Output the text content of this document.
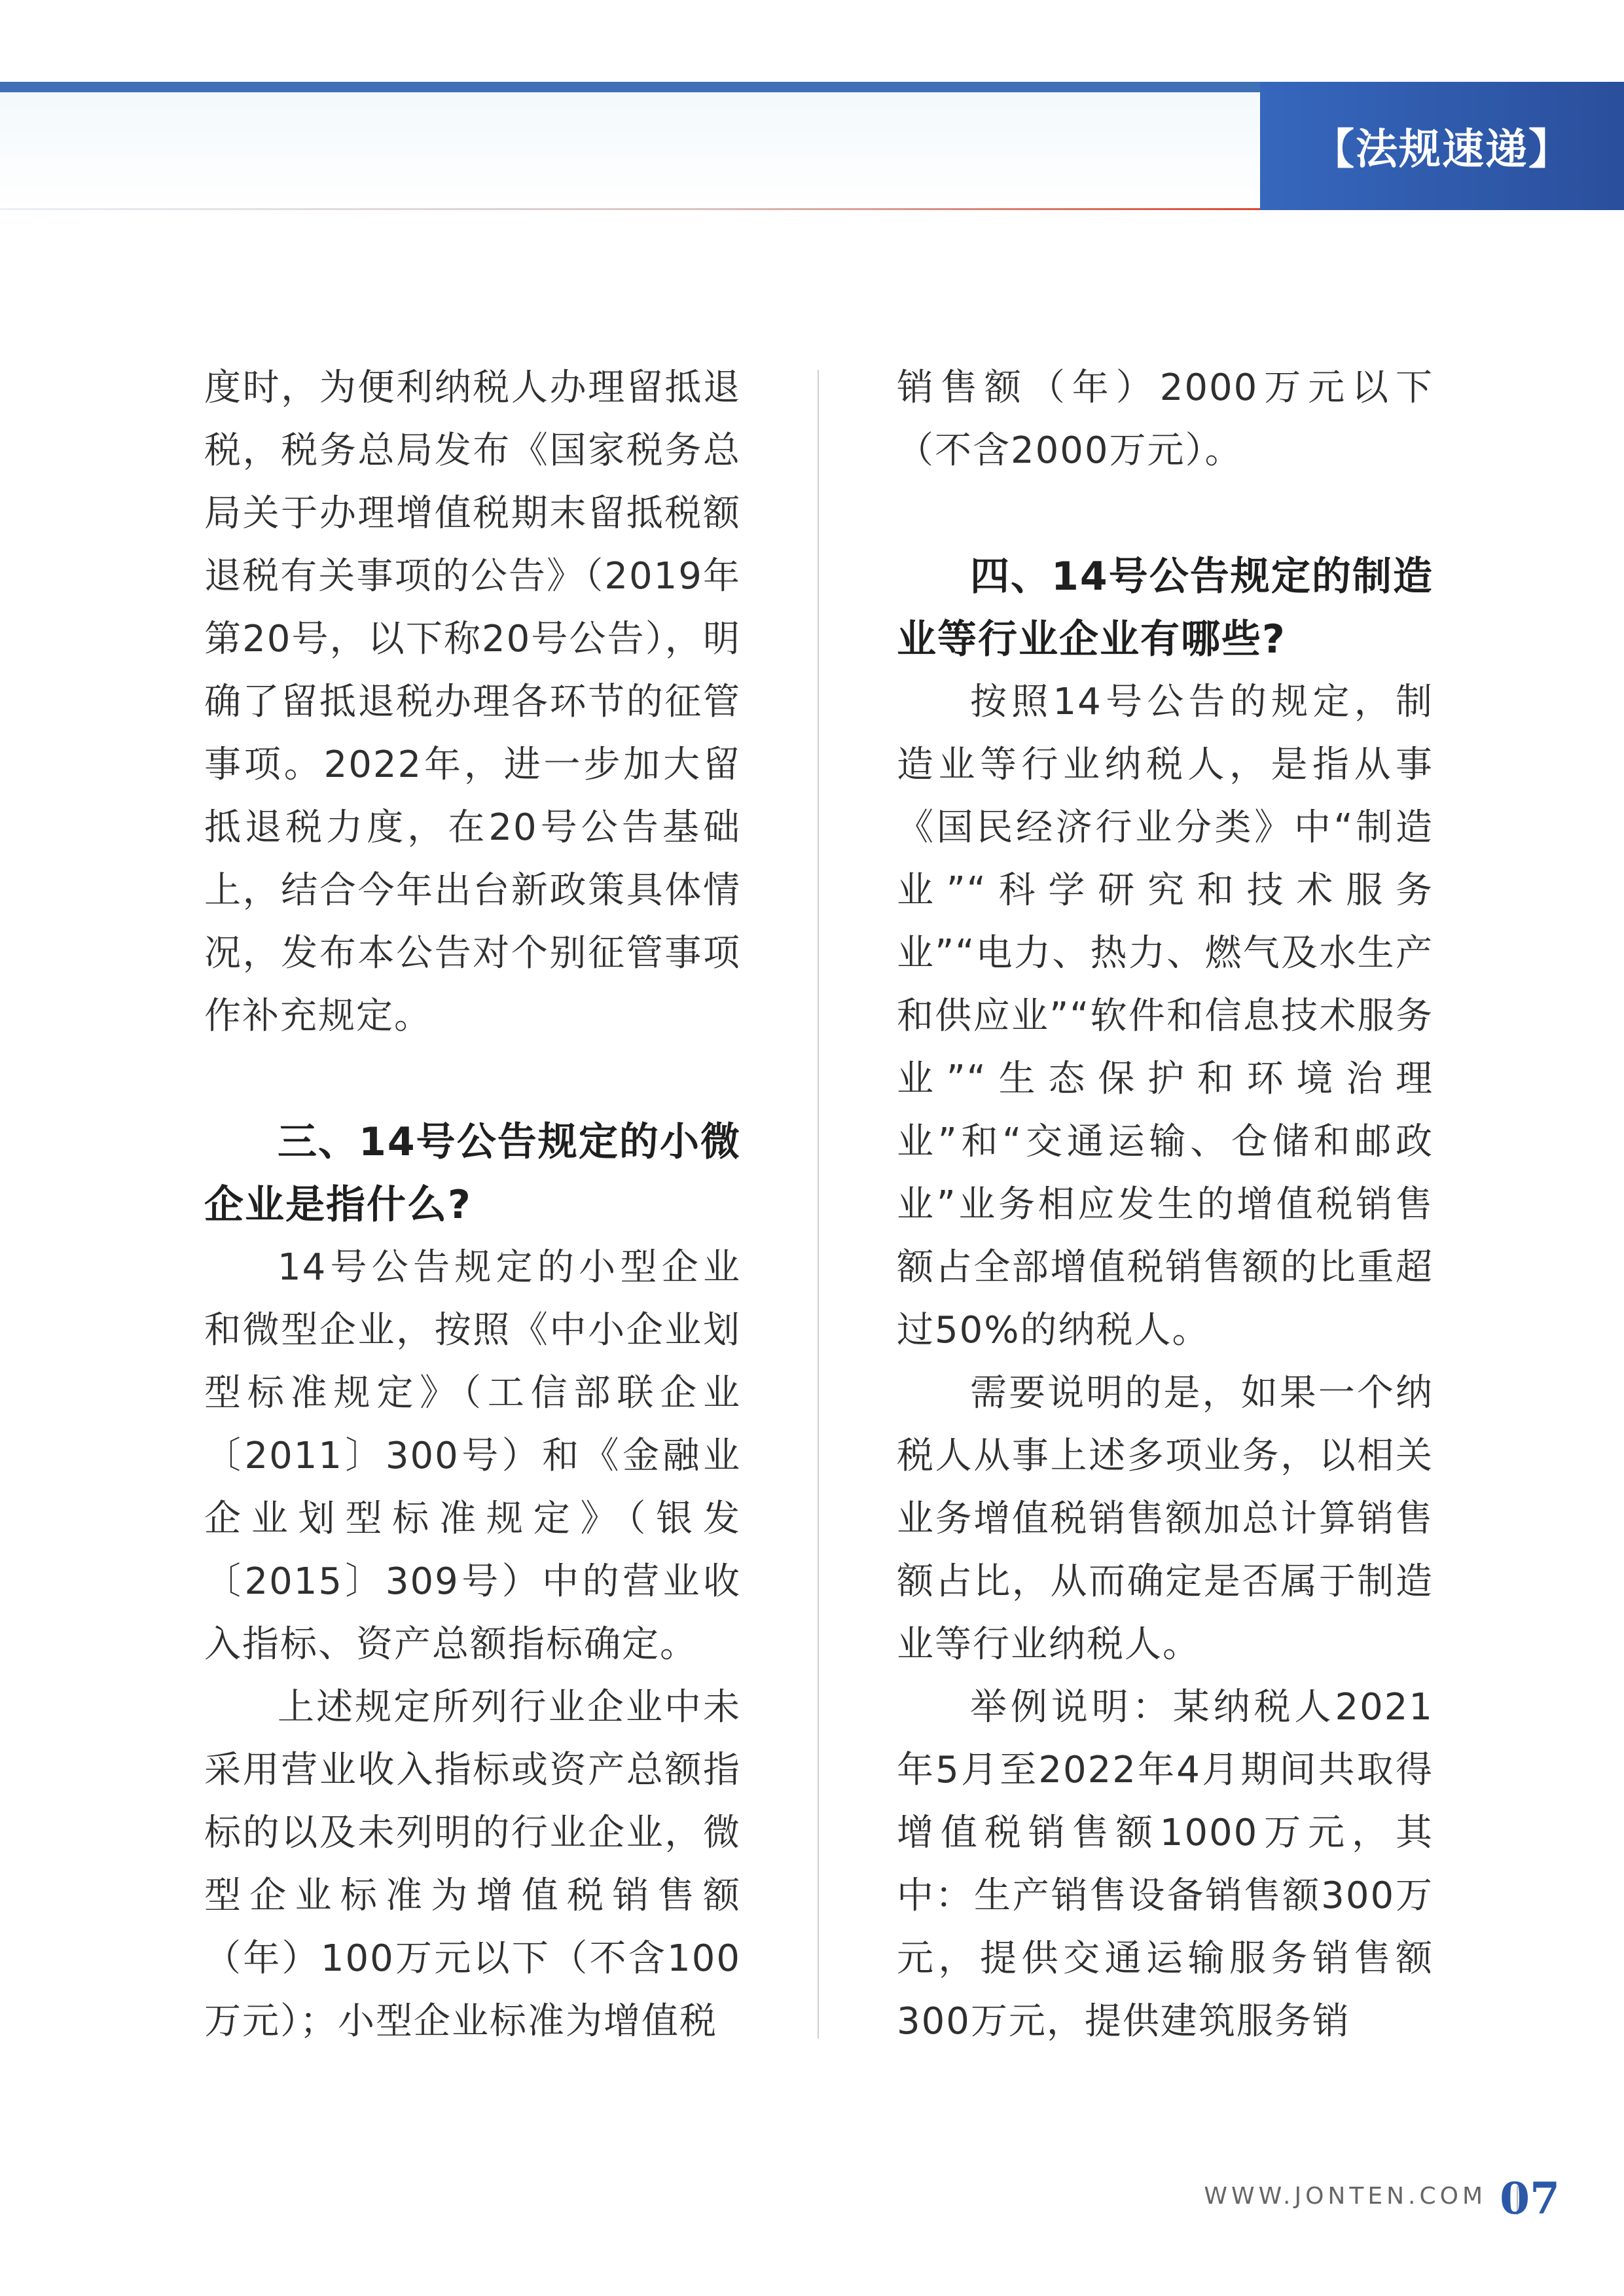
【法规速递】

度时，为便利纳税人办理留抵退税，税务总局发布《国家税务总局关于办理增值税期末留抵税额退税有关事项的公告》（2019年第20号，以下称20号公告），明确了留抵退税办理各环节的征管事项。2022年，进一步加大留抵退税力度，在20号公告基础上，结合今年出台新政策具体情况，发布本公告对个别征管事项作补充规定。

三、14号公告规定的小微企业是指什么?

14号公告规定的小型企业和微型企业，按照《中小企业划型标准规定》（工信部联企业〔2011〕300号）和《金融业企业划型标准规定》（银发〔2015〕309号）中的营业收入指标、资产总额指标确定。

上述规定所列行业企业中未采用营业收入指标或资产总额指标的以及未列明的行业企业，微型企业标准为增值税销售额（年）100万元以下（不含100万元）；小型企业标准为增值税

销售额（年）2000万元以下（不含2000万元）。

四、14号公告规定的制造业等行业企业有哪些?

按照14号公告的规定，制造业等行业纳税人，是指从事《国民经济行业分类》中“制造业”“科学研究和技术服务业”“电力、热力、燃气及水生产和供应业”“软件和信息技术服务业”“生态保护和环境治理业”和“交通运输、仓储和邮政业”业务相应发生的增值税销售额占全部增值税销售额的比重超过50%的纳税人。

需要说明的是，如果一个纳税人从事上述多项业务，以相关业务增值税销售额加总计算销售额占比，从而确定是否属于制造业等行业纳税人。

举例说明：某纳税人2021年5月至2022年4月期间共取得增值税销售额1000万元，其中：生产销售设备销售额300万元，提供交通运输服务销售额300万元，提供建筑服务销

WWW.JONTEN.COM 07
